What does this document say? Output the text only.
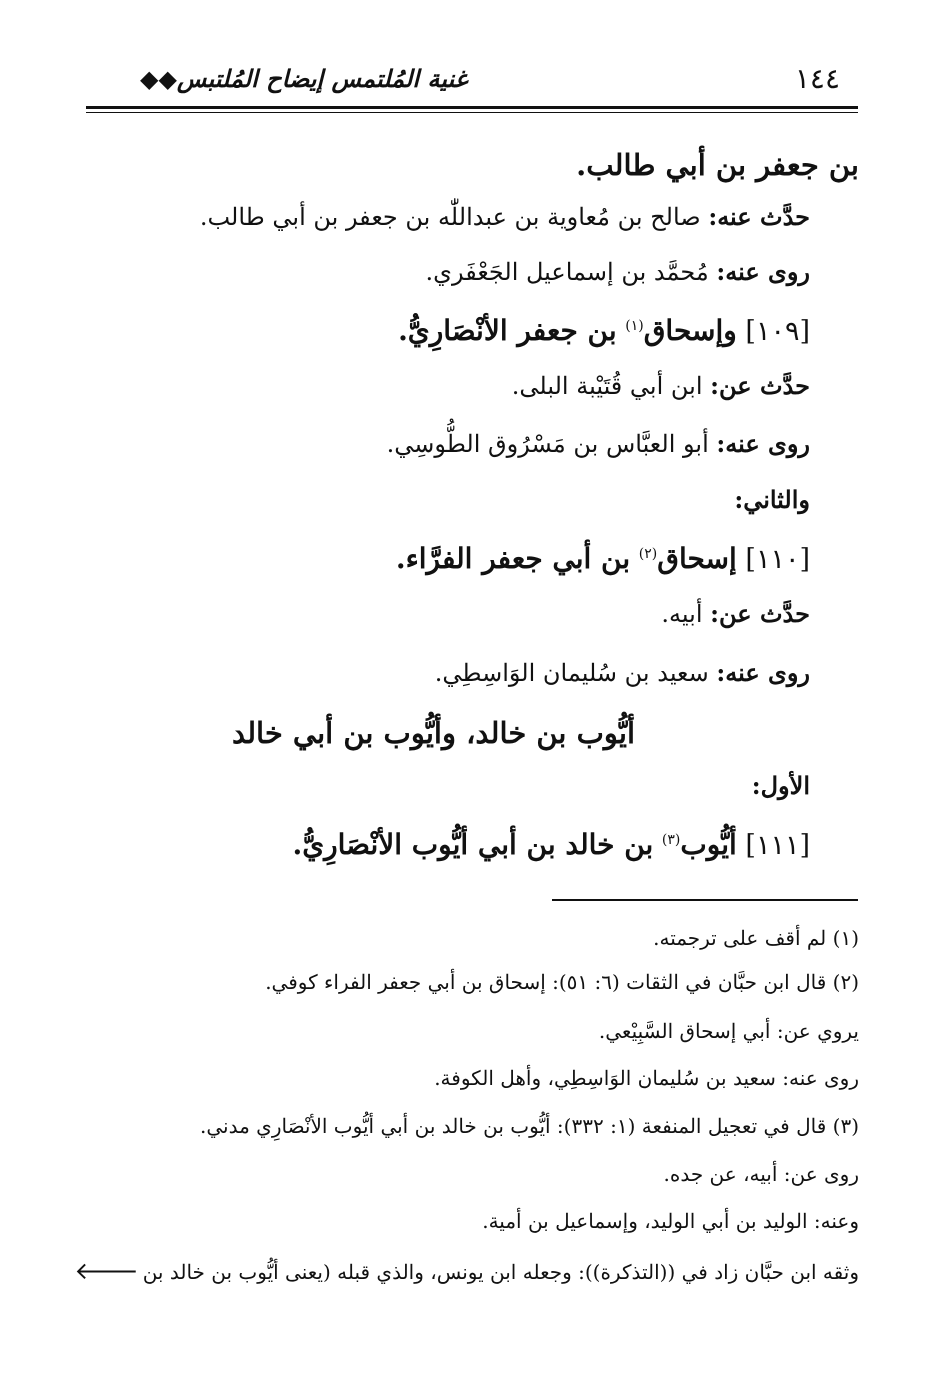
١٤٤
غنية المُلتمس إيضاح المُلتبس◆◆
بن جعفر بن أبي طالب.
حدَّث عنه: صالح بن مُعاوية بن عبداللّٰه بن جعفر بن أبي طالب.
روى عنه: مُحمَّد بن إسماعيل الجَعْفَري.
[١٠٩] وإسحاق$^{(١)}$ بن جعفر الأنْصَارِيُّ.
حدَّث عن: ابن أبي قُتَيْبة البلى.
روى عنه: أبو العبَّاس بن مَسْرُوق الطُّوسِي.
والثاني:
[١١٠] إسحاق$^{(٢)}$ بن أبي جعفر الفرَّاء.
حدَّث عن: أبيه.
روى عنه: سعيد بن سُليمان الوَاسِطِي.
أيُّوب بن خالد، وأيُّوب بن أبي خالد
الأول:
[١١١] أيُّوب$^{(٣)}$ بن خالد بن أبي أيُّوب الأنْصَارِيُّ.
(١) لم أقف على ترجمته.
(٢) قال ابن حبَّان في الثقات (٦: ٥١): إسحاق بن أبي جعفر الفراء كوفي.
يروي عن: أبي إسحاق السَّبِيْعي.
روى عنه: سعيد بن سُليمان الوَاسِطِي، وأهل الكوفة.
(٣) قال في تعجيل المنفعة (١: ٣٣٢): أيُّوب بن خالد بن أبي أيُّوب الأنْصَارِي مدني.
روى عن: أبيه، عن جده.
وعنه: الوليد بن أبي الوليد، وإسماعيل بن أمية.
وثقه ابن حبَّان زاد في ((التذكرة)): وجعله ابن يونس، والذي قبله (يعنى أيُّوب بن خالد بن🡐
